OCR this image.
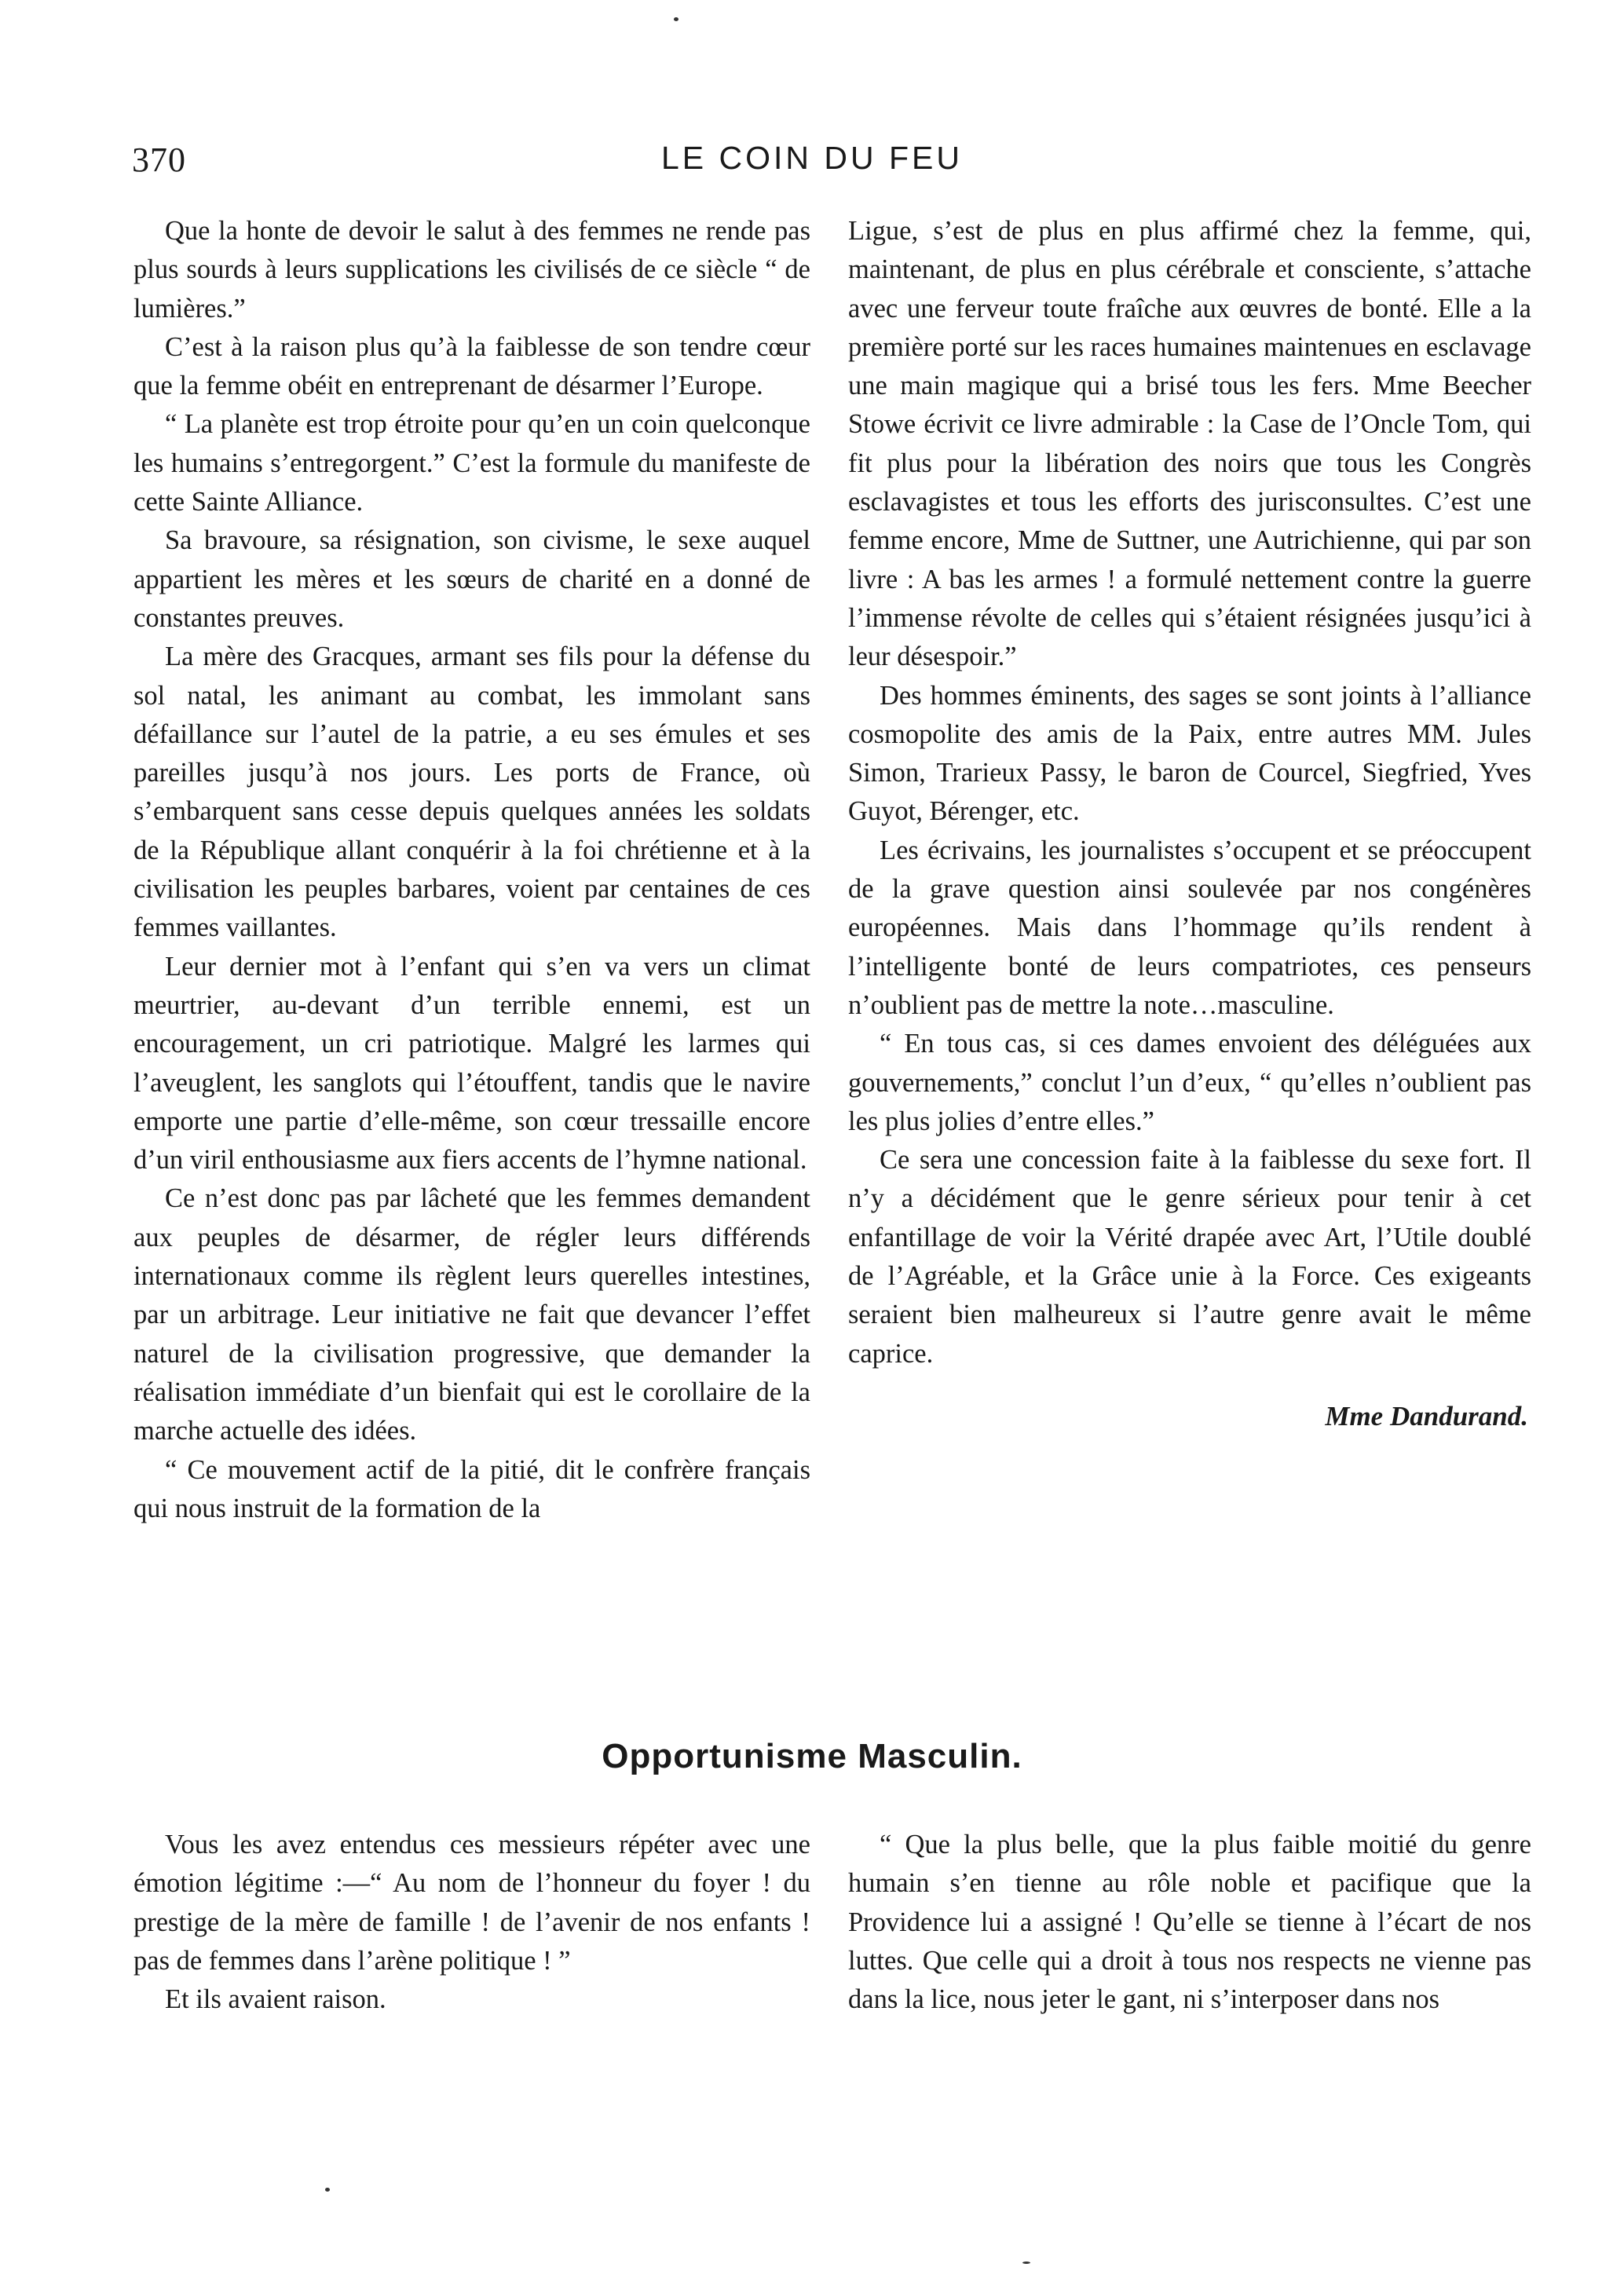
370	LE COIN DU FEU

Que la honte de devoir le salut à des femmes ne rende pas plus sourds à leurs supplications les civilisés de ce siècle “ de lumières.”

C’est à la raison plus qu’à la faiblesse de son tendre cœur que la femme obéit en entreprenant de désarmer l’Europe.

“ La planète est trop étroite pour qu’en un coin quelconque les humains s’entregorgent.” C’est la formule du manifeste de cette Sainte Alliance.

Sa bravoure, sa résignation, son civisme, le sexe auquel appartient les mères et les sœurs de charité en a donné de constantes preuves.

La mère des Gracques, armant ses fils pour la défense du sol natal, les animant au combat, les immolant sans défaillance sur l’autel de la patrie, a eu ses émules et ses pareilles jusqu’à nos jours. Les ports de France, où s’embarquent sans cesse depuis quelques années les soldats de la République allant conquérir à la foi chrétienne et à la civilisation les peuples barbares, voient par centaines de ces femmes vaillantes.

Leur dernier mot à l’enfant qui s’en va vers un climat meurtrier, au-devant d’un terrible ennemi, est un encouragement, un cri patriotique. Malgré les larmes qui l’aveuglent, les sanglots qui l’étouffent, tandis que le navire emporte une partie d’elle-même, son cœur tressaille encore d’un viril enthousiasme aux fiers accents de l’hymne national.

Ce n’est donc pas par lâcheté que les femmes demandent aux peuples de désarmer, de régler leurs différends internationaux comme ils règlent leurs querelles intestines, par un arbitrage. Leur initiative ne fait que devancer l’effet naturel de la civilisation progressive, que demander la réalisation immédiate d’un bienfait qui est le corollaire de la marche actuelle des idées.

“ Ce mouvement actif de la pitié, dit le confrère français qui nous instruit de la formation de la

Ligue, s’est de plus en plus affirmé chez la femme, qui, maintenant, de plus en plus cérébrale et consciente, s’attache avec une ferveur toute fraîche aux œuvres de bonté. Elle a la première porté sur les races humaines maintenues en esclavage une main magique qui a brisé tous les fers. Mme Beecher Stowe écrivit ce livre admirable : la Case de l’Oncle Tom, qui fit plus pour la libération des noirs que tous les Congrès esclavagistes et tous les efforts des jurisconsultes. C’est une femme encore, Mme de Suttner, une Autrichienne, qui par son livre : A bas les armes ! a formulé nettement contre la guerre l’immense révolte de celles qui s’étaient résignées jusqu’ici à leur désespoir.”

Des hommes éminents, des sages se sont joints à l’alliance cosmopolite des amis de la Paix, entre autres MM. Jules Simon, Trarieux Passy, le baron de Courcel, Siegfried, Yves Guyot, Bérenger, etc.

Les écrivains, les journalistes s’occupent et se préoccupent de la grave question ainsi soulevée par nos congénères européennes. Mais dans l’hommage qu’ils rendent à l’intelligente bonté de leurs compatriotes, ces penseurs n’oublient pas de mettre la note…masculine.

“ En tous cas, si ces dames envoient des déléguées aux gouvernements,” conclut l’un d’eux, “ qu’elles n’oublient pas les plus jolies d’entre elles.”

Ce sera une concession faite à la faiblesse du sexe fort. Il n’y a décidément que le genre sérieux pour tenir à cet enfantillage de voir la Vérité drapée avec Art, l’Utile doublé de l’Agréable, et la Grâce unie à la Force. Ces exigeants seraient bien malheureux si l’autre genre avait le même caprice.

Mme Dandurand.
Opportunisme Masculin.

Vous les avez entendus ces messieurs répéter avec une émotion légitime :—“ Au nom de l’honneur du foyer ! du prestige de la mère de famille ! de l’avenir de nos enfants ! pas de femmes dans l’arène politique ! ”

Et ils avaient raison.

“ Que la plus belle, que la plus faible moitié du genre humain s’en tienne au rôle noble et pacifique que la Providence lui a assigné ! Qu’elle se tienne à l’écart de nos luttes. Que celle qui a droit à tous nos respects ne vienne pas dans la lice, nous jeter le gant, ni s’interposer dans nos
